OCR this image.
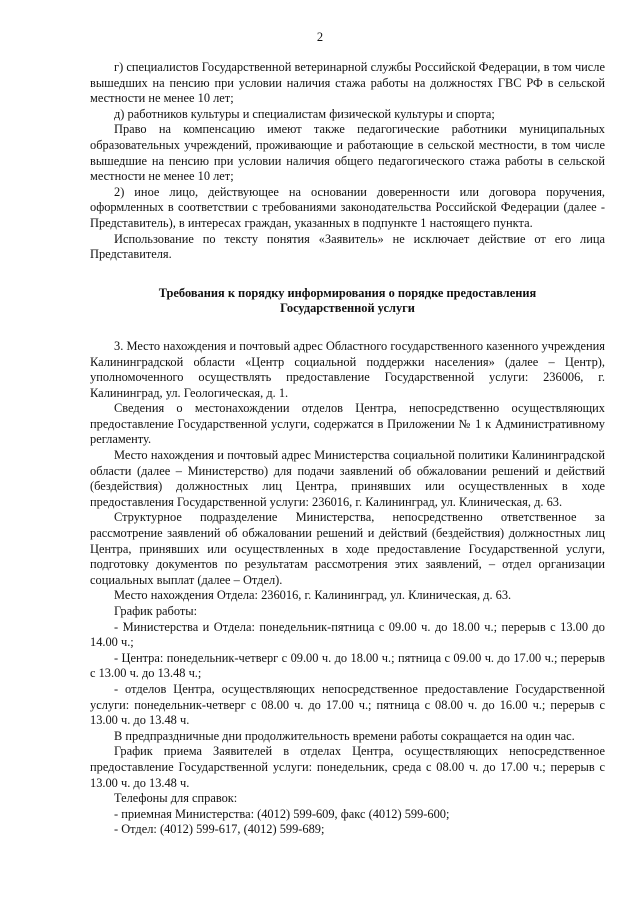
2

г) специалистов Государственной ветеринарной службы Российской Федерации, в том числе вышедших на пенсию при условии наличия стажа работы на должностях ГВС РФ в сельской местности не менее 10 лет;

д) работников культуры и специалистам физической культуры и спорта;

Право на компенсацию имеют также педагогические работники муниципальных образовательных учреждений, проживающие и работающие в сельской местности, в том числе вышедшие на пенсию при условии наличия общего педагогического стажа работы в сельской местности не менее 10 лет;

2) иное лицо, действующее на основании доверенности или договора поручения, оформленных в соответствии с требованиями законодательства Российской Федерации (далее - Представитель), в интересах граждан, указанных в подпункте 1 настоящего пункта.

Использование по тексту понятия «Заявитель» не исключает действие от его лица Представителя.

Требования к порядку информирования о порядке предоставления
Государственной услуги

3. Место нахождения и почтовый адрес Областного государственного казенного учреждения Калининградской области «Центр социальной поддержки населения» (далее – Центр), уполномоченного осуществлять предоставление Государственной услуги: 236006, г. Калининград, ул. Геологическая, д. 1.

Сведения о местонахождении отделов Центра, непосредственно осуществляющих предоставление Государственной услуги, содержатся в Приложении № 1 к Административному регламенту.

Место нахождения и почтовый адрес Министерства социальной политики Калининградской области (далее – Министерство) для подачи заявлений об обжаловании решений и действий (бездействия) должностных лиц Центра, принявших или осуществленных в ходе предоставления Государственной услуги: 236016, г. Калининград, ул. Клиническая, д. 63.

Структурное подразделение Министерства, непосредственно ответственное за рассмотрение заявлений об обжаловании решений и действий (бездействия) должностных лиц Центра, принявших или осуществленных в ходе предоставление Государственной услуги, подготовку документов по результатам рассмотрения этих заявлений, – отдел организации социальных выплат (далее – Отдел).

Место нахождения Отдела: 236016, г. Калининград, ул. Клиническая, д. 63.

График работы:

- Министерства и Отдела: понедельник-пятница с 09.00 ч. до 18.00 ч.; перерыв с 13.00 до 14.00 ч.;

- Центра: понедельник-четверг с 09.00 ч. до 18.00 ч.; пятница с 09.00 ч. до 17.00 ч.; перерыв с 13.00 ч. до 13.48 ч.;

- отделов Центра, осуществляющих непосредственное предоставление Государственной услуги: понедельник-четверг с 08.00 ч. до 17.00 ч.; пятница с 08.00 ч. до 16.00 ч.; перерыв с 13.00 ч. до 13.48 ч.

В предпраздничные дни продолжительность времени работы сокращается на один час.

График приема Заявителей в отделах Центра, осуществляющих непосредственное предоставление Государственной услуги: понедельник, среда с 08.00 ч. до 17.00 ч.; перерыв с 13.00 ч. до 13.48 ч.

Телефоны для справок:

- приемная Министерства: (4012) 599-609, факс (4012) 599-600;

- Отдел: (4012) 599-617, (4012) 599-689;
